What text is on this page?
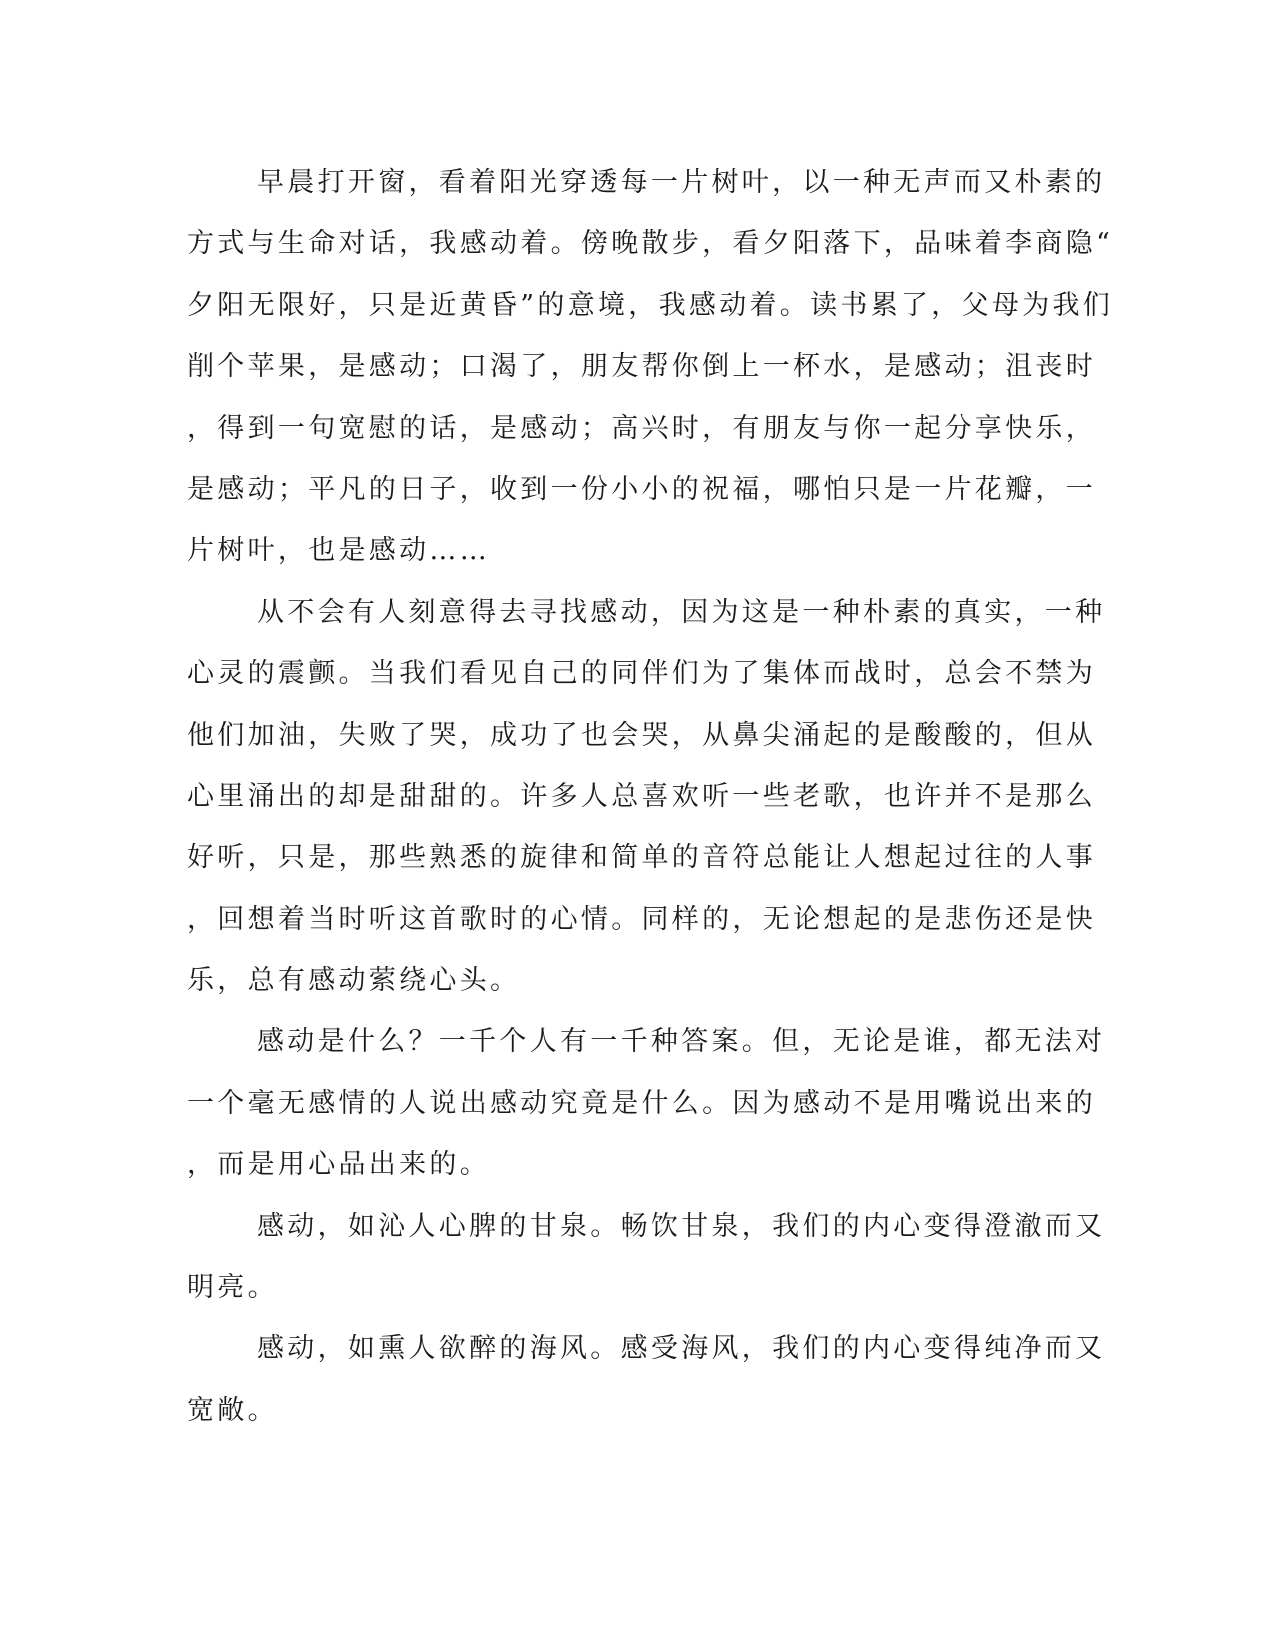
早晨打开窗，看着阳光穿透每一片树叶，以一种无声而又朴素的
方式与生命对话，我感动着。傍晚散步，看夕阳落下，品味着李商隐“
夕阳无限好，只是近黄昏”的意境，我感动着。读书累了，父母为我们
削个苹果，是感动；口渴了，朋友帮你倒上一杯水，是感动；沮丧时
，得到一句宽慰的话，是感动；高兴时，有朋友与你一起分享快乐，
是感动；平凡的日子，收到一份小小的祝福，哪怕只是一片花瓣，一
片树叶，也是感动……
从不会有人刻意得去寻找感动，因为这是一种朴素的真实，一种
心灵的震颤。当我们看见自己的同伴们为了集体而战时，总会不禁为
他们加油，失败了哭，成功了也会哭，从鼻尖涌起的是酸酸的，但从
心里涌出的却是甜甜的。许多人总喜欢听一些老歌，也许并不是那么
好听，只是，那些熟悉的旋律和简单的音符总能让人想起过往的人事
，回想着当时听这首歌时的心情。同样的，无论想起的是悲伤还是快
乐，总有感动萦绕心头。
感动是什么？一千个人有一千种答案。但，无论是谁，都无法对
一个毫无感情的人说出感动究竟是什么。因为感动不是用嘴说出来的
，而是用心品出来的。
感动，如沁人心脾的甘泉。畅饮甘泉，我们的内心变得澄澈而又
明亮。
感动，如熏人欲醉的海风。感受海风，我们的内心变得纯净而又
宽敞。
